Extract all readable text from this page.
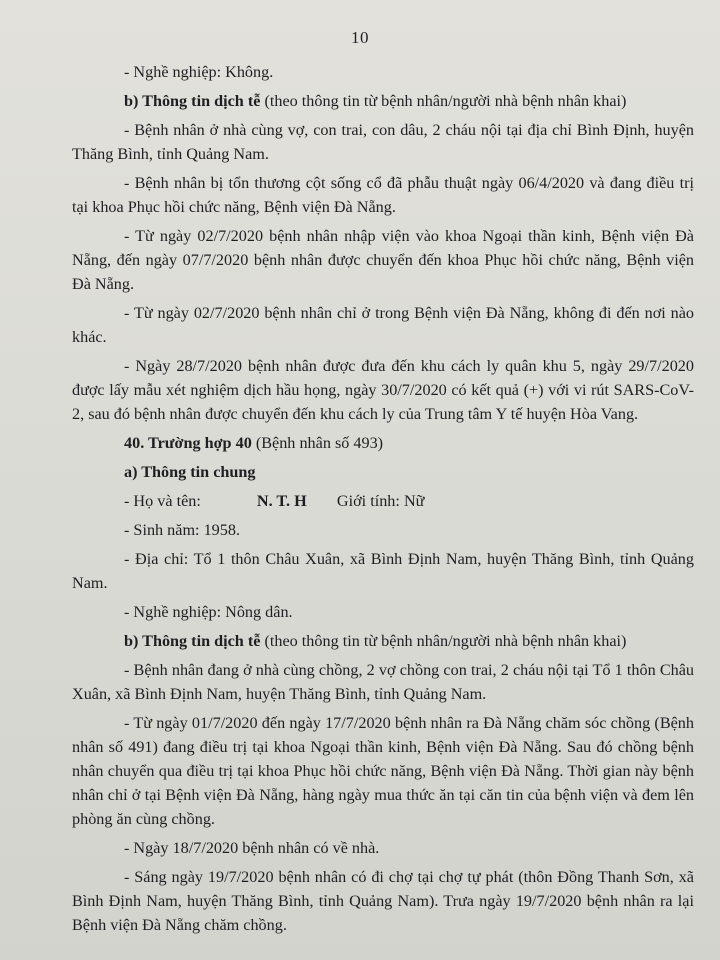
10

- Nghề nghiệp: Không.

b) Thông tin dịch tễ (theo thông tin từ bệnh nhân/người nhà bệnh nhân khai)

- Bệnh nhân ở nhà cùng vợ, con trai, con dâu, 2 cháu nội tại địa chỉ Bình Định, huyện Thăng Bình, tỉnh Quảng Nam.

- Bệnh nhân bị tổn thương cột sống cổ đã phẫu thuật ngày 06/4/2020 và đang điều trị tại khoa Phục hồi chức năng, Bệnh viện Đà Nẵng.

- Từ ngày 02/7/2020 bệnh nhân nhập viện vào khoa Ngoại thần kinh, Bệnh viện Đà Nẵng, đến ngày 07/7/2020 bệnh nhân được chuyển đến khoa Phục hồi chức năng, Bệnh viện Đà Nẵng.

- Từ ngày 02/7/2020 bệnh nhân chỉ ở trong Bệnh viện Đà Nẵng, không đi đến nơi nào khác.

- Ngày 28/7/2020 bệnh nhân được đưa đến khu cách ly quân khu 5, ngày 29/7/2020 được lấy mẫu xét nghiệm dịch hầu họng, ngày 30/7/2020 có kết quả (+) với vi rút SARS-CoV-2, sau đó bệnh nhân được chuyển đến khu cách ly của Trung tâm Y tế huyện Hòa Vang.

40. Trường hợp 40 (Bệnh nhân số 493)

a) Thông tin chung

- Họ và tên:	N. T. H Giới tính: Nữ

- Sinh năm: 1958.

- Địa chỉ: Tổ 1 thôn Châu Xuân, xã Bình Định Nam, huyện Thăng Bình, tỉnh Quảng Nam.

- Nghề nghiệp: Nông dân.

b) Thông tin dịch tễ (theo thông tin từ bệnh nhân/người nhà bệnh nhân khai)

- Bệnh nhân đang ở nhà cùng chồng, 2 vợ chồng con trai, 2 cháu nội tại Tổ 1 thôn Châu Xuân, xã Bình Định Nam, huyện Thăng Bình, tỉnh Quảng Nam.

- Từ ngày 01/7/2020 đến ngày 17/7/2020 bệnh nhân ra Đà Nẵng chăm sóc chồng (Bệnh nhân số 491) đang điều trị tại khoa Ngoại thần kinh, Bệnh viện Đà Nẵng. Sau đó chồng bệnh nhân chuyển qua điều trị tại khoa Phục hồi chức năng, Bệnh viện Đà Nẵng. Thời gian này bệnh nhân chỉ ở tại Bệnh viện Đà Nẵng, hàng ngày mua thức ăn tại căn tin của bệnh viện và đem lên phòng ăn cùng chồng.

- Ngày 18/7/2020 bệnh nhân có về nhà.

- Sáng ngày 19/7/2020 bệnh nhân có đi chợ tại chợ tự phát (thôn Đồng Thanh Sơn, xã Bình Định Nam, huyện Thăng Bình, tỉnh Quảng Nam). Trưa ngày 19/7/2020 bệnh nhân ra lại Bệnh viện Đà Nẵng chăm chồng.
